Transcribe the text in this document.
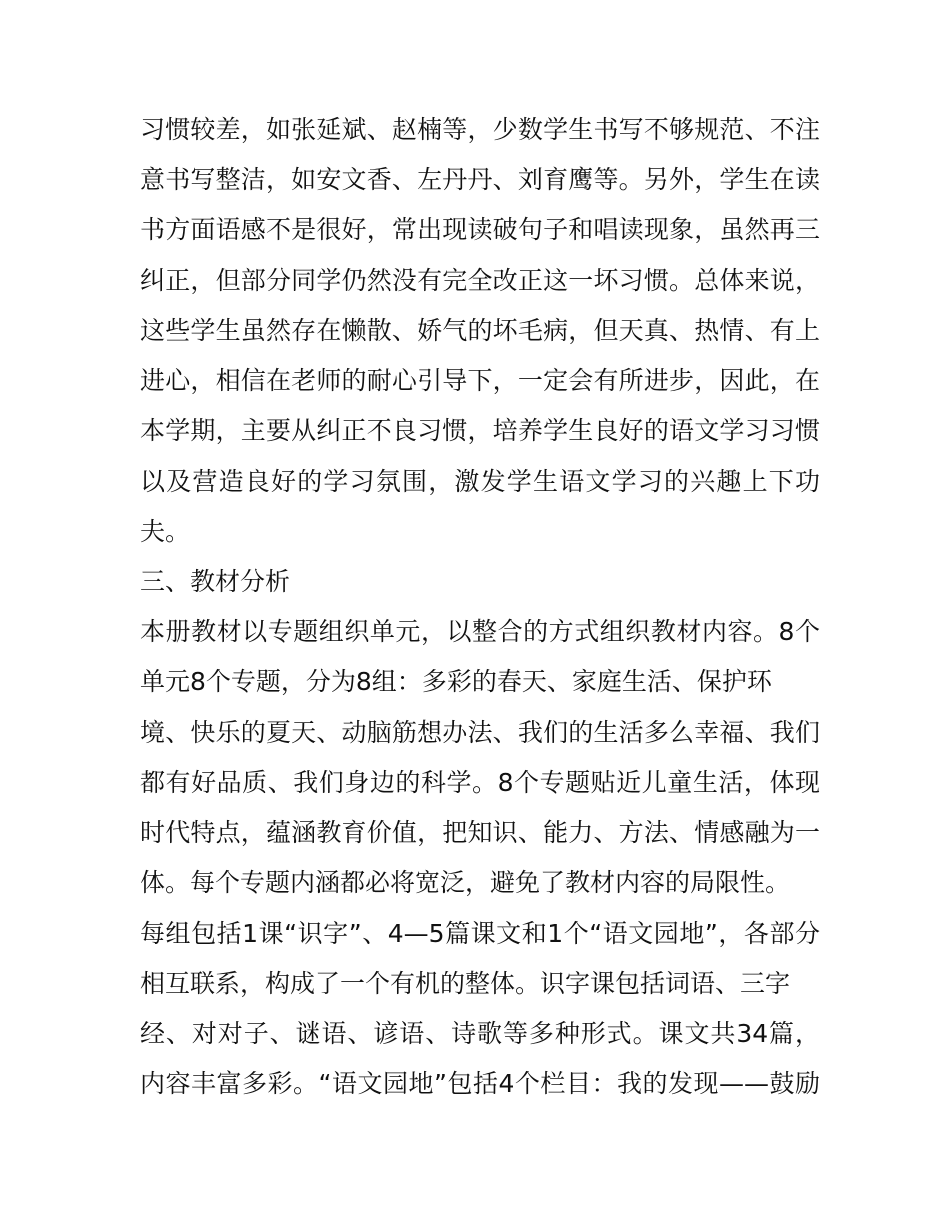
习惯较差，如张延斌、赵楠等，少数学生书写不够规范、不注
意书写整洁，如安文香、左丹丹、刘育鹰等。另外，学生在读
书方面语感不是很好，常出现读破句子和唱读现象，虽然再三
纠正，但部分同学仍然没有完全改正这一坏习惯。总体来说，
这些学生虽然存在懒散、娇气的坏毛病，但天真、热情、有上
进心，相信在老师的耐心引导下，一定会有所进步，因此，在
本学期，主要从纠正不良习惯，培养学生良好的语文学习习惯
以及营造良好的学习氛围，激发学生语文学习的兴趣上下功
夫。
三、教材分析
本册教材以专题组织单元，以整合的方式组织教材内容。8个
单元8个专题，分为8组：多彩的春天、家庭生活、保护环
境、快乐的夏天、动脑筋想办法、我们的生活多么幸福、我们
都有好品质、我们身边的科学。8个专题贴近儿童生活，体现
时代特点，蕴涵教育价值，把知识、能力、方法、情感融为一
体。每个专题内涵都必将宽泛，避免了教材内容的局限性。
每组包括1课“识字”、4—5篇课文和1个“语文园地”，各部分
相互联系，构成了一个有机的整体。识字课包括词语、三字
经、对对子、谜语、谚语、诗歌等多种形式。课文共34篇，
内容丰富多彩。“语文园地”包括4个栏目：我的发现——鼓励
